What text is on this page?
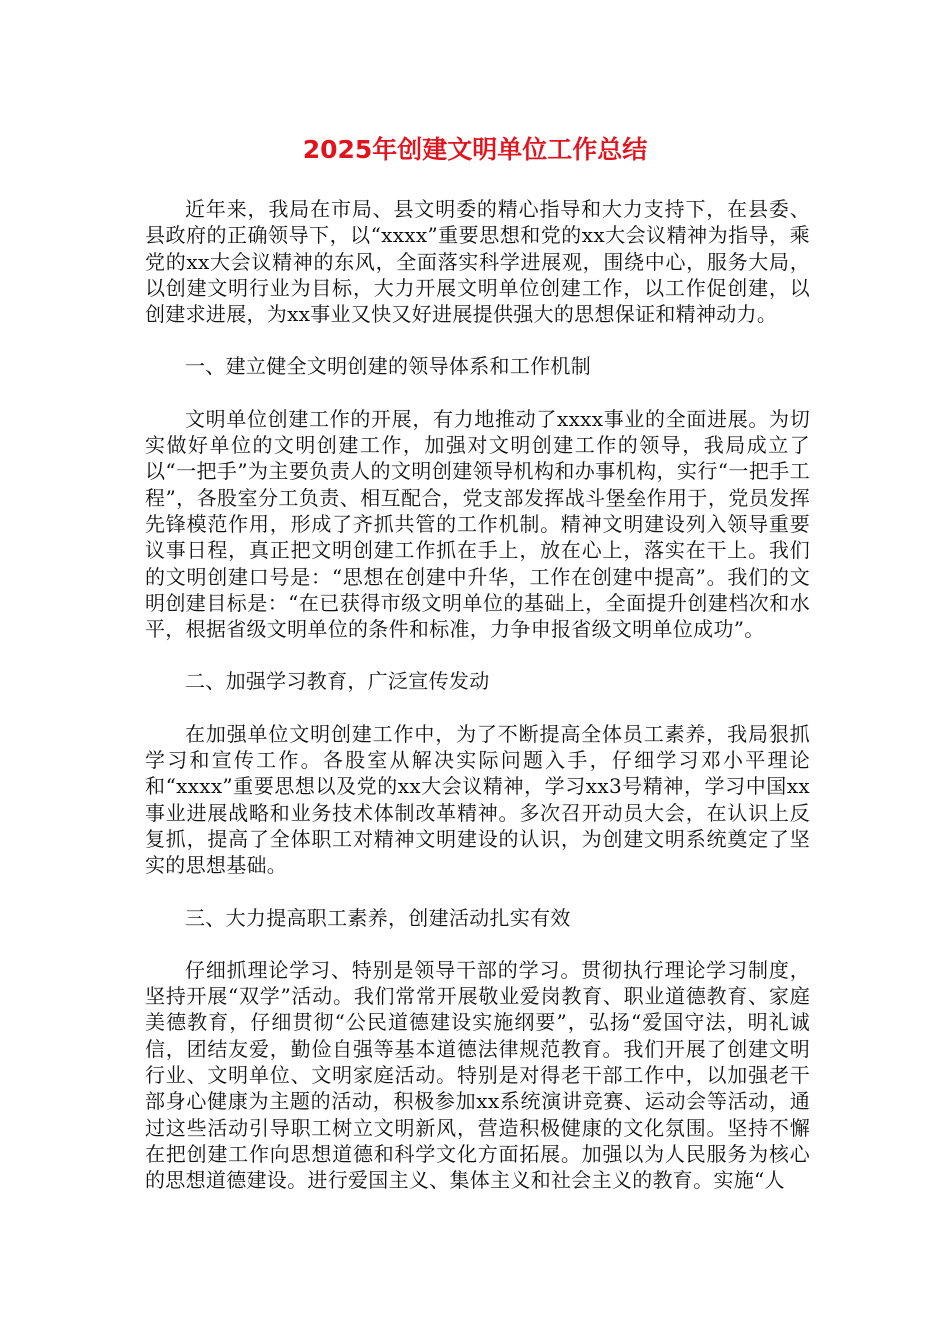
2025年创建文明单位工作总结

近年来，我局在市局、县文明委的精心指导和大力支持下，在县委、县政府的正确领导下，以“xxxx”重要思想和党的xx大会议精神为指导，乘党的xx大会议精神的东风，全面落实科学进展观，围绕中心，服务大局，以创建文明行业为目标，大力开展文明单位创建工作，以工作促创建，以创建求进展，为xx事业又快又好进展提供强大的思想保证和精神动力。

一、建立健全文明创建的领导体系和工作机制

文明单位创建工作的开展，有力地推动了xxxx事业的全面进展。为切实做好单位的文明创建工作，加强对文明创建工作的领导，我局成立了以“一把手”为主要负责人的文明创建领导机构和办事机构，实行“一把手工程”，各股室分工负责、相互配合，党支部发挥战斗堡垒作用于，党员发挥先锋模范作用，形成了齐抓共管的工作机制。精神文明建设列入领导重要议事日程，真正把文明创建工作抓在手上，放在心上，落实在干上。我们的文明创建口号是：“思想在创建中升华，工作在创建中提高”。我们的文明创建目标是：“在已获得市级文明单位的基础上，全面提升创建档次和水平，根据省级文明单位的条件和标准，力争申报省级文明单位成功”。

二、加强学习教育，广泛宣传发动

在加强单位文明创建工作中，为了不断提高全体员工素养，我局狠抓学习和宣传工作。各股室从解决实际问题入手，仔细学习邓小平理论和“xxxx”重要思想以及党的xx大会议精神，学习xx3号精神，学习中国xx事业进展战略和业务技术体制改革精神。多次召开动员大会，在认识上反复抓，提高了全体职工对精神文明建设的认识，为创建文明系统奠定了坚实的思想基础。

三、大力提高职工素养，创建活动扎实有效

仔细抓理论学习、特别是领导干部的学习。贯彻执行理论学习制度，坚持开展“双学”活动。我们常常开展敬业爱岗教育、职业道德教育、家庭美德教育，仔细贯彻“公民道德建设实施纲要”，弘扬“爱国守法，明礼诚信，团结友爱，勤俭自强等基本道德法律规范教育。我们开展了创建文明行业、文明单位、文明家庭活动。特别是对得老干部工作中，以加强老干部身心健康为主题的活动，积极参加xx系统演讲竞赛、运动会等活动，通过这些活动引导职工树立文明新风，营造积极健康的文化氛围。坚持不懈在把创建工作向思想道德和科学文化方面拓展。加强以为人民服务为核心的思想道德建设。进行爱国主义、集体主义和社会主义的教育。实施“人
